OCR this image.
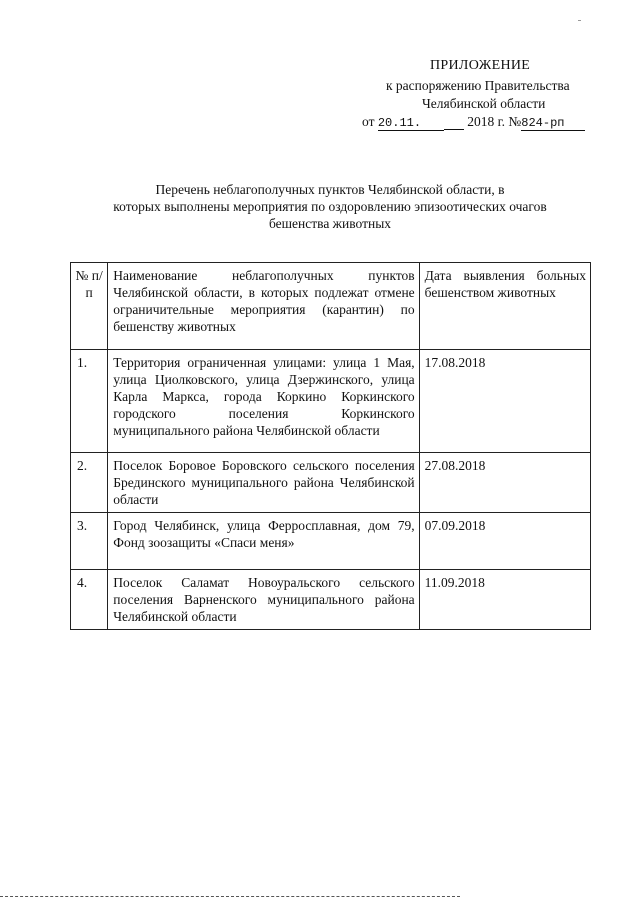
ПРИЛОЖЕНИЕ
к распоряжению Правительства
Челябинской области
от 20.11.	2018 г. №824-рп
Перечень неблагополучных пунктов Челябинской области, в
которых выполнены мероприятия по оздоровлению эпизоотических очагов
бешенства животных
№ п/п	Наименование неблагополучных пунктов Челябинской области, в которых подлежат отмене ограничительные мероприятия (карантин) по бешенству животных	Дата выявления больных бешенством животных
1.	Территория ограниченная улицами: улица 1 Мая, улица Циолковского, улица Дзержинского, улица Карла Маркса, города Коркино Коркинского городского поселения Коркинского муниципального района Челябинской области	17.08.2018
2.	Поселок Боровое Боровского сельского поселения Брединского муниципального района Челябинской области	27.08.2018
3.	Город Челябинск, улица Ферросплавная, дом 79, Фонд зоозащиты «Спаси меня»	07.09.2018
4.	Поселок Саламат Новоуральского сельского поселения Варненского муниципального района Челябинской области	11.09.2018
